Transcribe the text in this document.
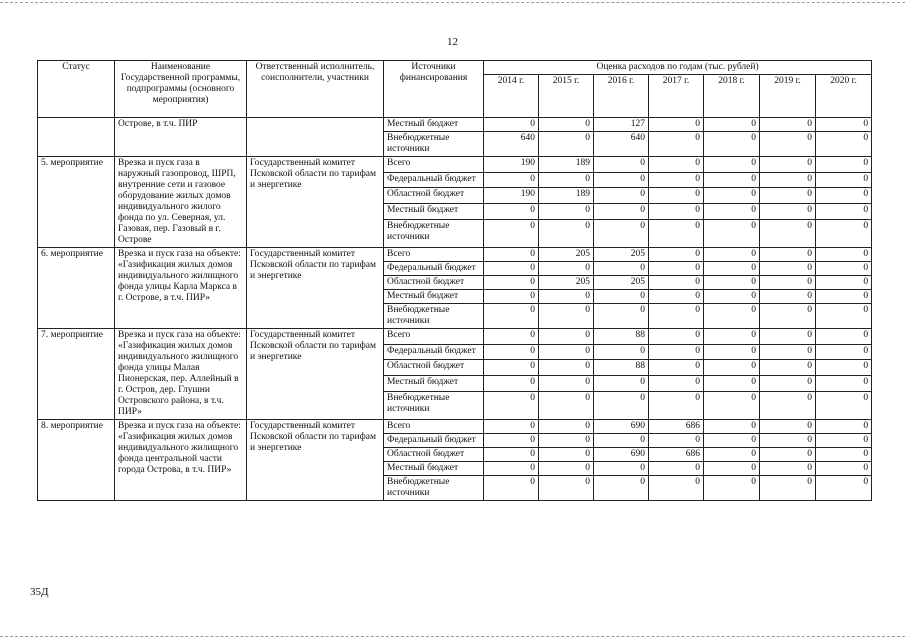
12
Статус	Наименование Государственной программы, подпрограммы (основного мероприятия)	Ответственный исполнитель, соисполнители, участники	Источники финансирования	Оценка расходов по годам (тыс. рублей)						
				2014 г.	2015 г.	2016 г.	2017 г.	2018 г.	2019 г.	2020 г.
	Острове, в т.ч. ПИР		Местный бюджет	0	0	127	0	0	0	0
			Внебюджетные источники	640	0	640	0	0	0	0
5. мероприятие	Врезка и пуск газа в наружный газопровод, ШРП, внутренние сети и газовое оборудование жилых домов индивидуального жилого фонда по ул. Северная, ул. Газовая, пер. Газовый в г. Острове	Государственный комитет Псковской области по тарифам и энергетике	Всего	190	189	0	0	0	0	0
			Федеральный бюджет	0	0	0	0	0	0	0
			Областной бюджет	190	189	0	0	0	0	0
			Местный бюджет	0	0	0	0	0	0	0
			Внебюджетные источники	0	0	0	0	0	0	0
6. мероприятие	Врезка и пуск газа на объекте: «Газификация жилых домов индивидуального жилищного фонда улицы Карла Маркса в г. Острове, в т.ч. ПИР»	Государственный комитет Псковской области по тарифам и энергетике	Всего	0	205	205	0	0	0	0
			Федеральный бюджет	0	0	0	0	0	0	0
			Областной бюджет	0	205	205	0	0	0	0
			Местный бюджет	0	0	0	0	0	0	0
			Внебюджетные источники	0	0	0	0	0	0	0
7. мероприятие	Врезка и пуск газа на объекте: «Газификация жилых домов индивидуального жилищного фонда улицы Малая Пионерская, пер. Аллейный в г. Остров, дер. Глушни Островского района, в т.ч. ПИР»	Государственный комитет Псковской области по тарифам и энергетике	Всего	0	0	88	0	0	0	0
			Федеральный бюджет	0	0	0	0	0	0	0
			Областной бюджет	0	0	88	0	0	0	0
			Местный бюджет	0	0	0	0	0	0	0
			Внебюджетные источники	0	0	0	0	0	0	0
8. мероприятие	Врезка и пуск газа на объекте: «Газификация жилых домов индивидуального жилищного фонда центральной части города Острова, в т.ч. ПИР»	Государственный комитет Псковской области по тарифам и энергетике	Всего	0	0	690	686	0	0	0
			Федеральный бюджет	0	0	0	0	0	0	0
			Областной бюджет	0	0	690	686	0	0	0
			Местный бюджет	0	0	0	0	0	0	0
			Внебюджетные источники	0	0	0	0	0	0	0
35Д
